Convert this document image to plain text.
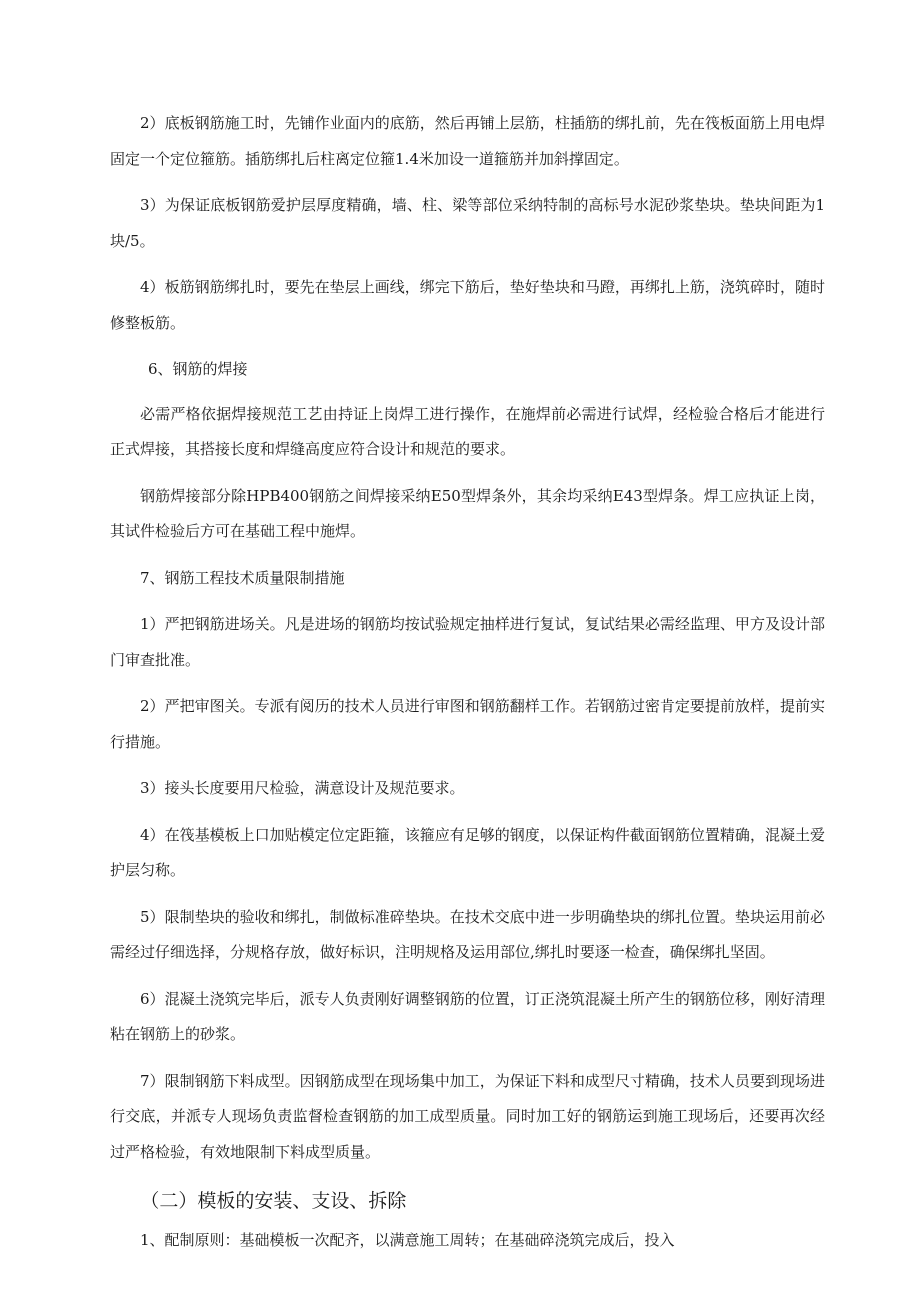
2）底板钢筋施工时，先铺作业面内的底筋，然后再铺上层筋，柱插筋的绑扎前，先在筏板面筋上用电焊固定一个定位箍筋。插筋绑扎后柱离定位箍1.4米加设一道箍筋并加斜撑固定。

3）为保证底板钢筋爱护层厚度精确，墙、柱、梁等部位采纳特制的高标号水泥砂浆垫块。垫块间距为1块/5。

4）板筋钢筋绑扎时，要先在垫层上画线，绑完下筋后，垫好垫块和马蹬，再绑扎上筋，浇筑碎时，随时修整板筋。

6、钢筋的焊接

必需严格依据焊接规范工艺由持证上岗焊工进行操作，在施焊前必需进行试焊，经检验合格后才能进行正式焊接，其搭接长度和焊缝高度应符合设计和规范的要求。

钢筋焊接部分除HPB400钢筋之间焊接采纳E50型焊条外，其余均采纳E43型焊条。焊工应执证上岗，其试件检验后方可在基础工程中施焊。

7、钢筋工程技术质量限制措施

1）严把钢筋进场关。凡是进场的钢筋均按试验规定抽样进行复试，复试结果必需经监理、甲方及设计部门审查批准。

2）严把审图关。专派有阅历的技术人员进行审图和钢筋翻样工作。若钢筋过密肯定要提前放样，提前实行措施。

3）接头长度要用尺检验，满意设计及规范要求。

4）在筏基模板上口加贴模定位定距箍，该箍应有足够的钢度，以保证构件截面钢筋位置精确，混凝土爱护层匀称。

5）限制垫块的验收和绑扎，制做标准碎垫块。在技术交底中进一步明确垫块的绑扎位置。垫块运用前必需经过仔细选择，分规格存放，做好标识，注明规格及运用部位,绑扎时要逐一检查，确保绑扎坚固。

6）混凝土浇筑完毕后，派专人负责刚好调整钢筋的位置，订正浇筑混凝土所产生的钢筋位移，刚好清理粘在钢筋上的砂浆。

7）限制钢筋下料成型。因钢筋成型在现场集中加工，为保证下料和成型尺寸精确，技术人员要到现场进行交底，并派专人现场负责监督检查钢筋的加工成型质量。同时加工好的钢筋运到施工现场后，还要再次经过严格检验，有效地限制下料成型质量。

（二）模板的安装、支设、拆除

1、配制原则：基础模板一次配齐，以满意施工周转；在基础碎浇筑完成后，投入
